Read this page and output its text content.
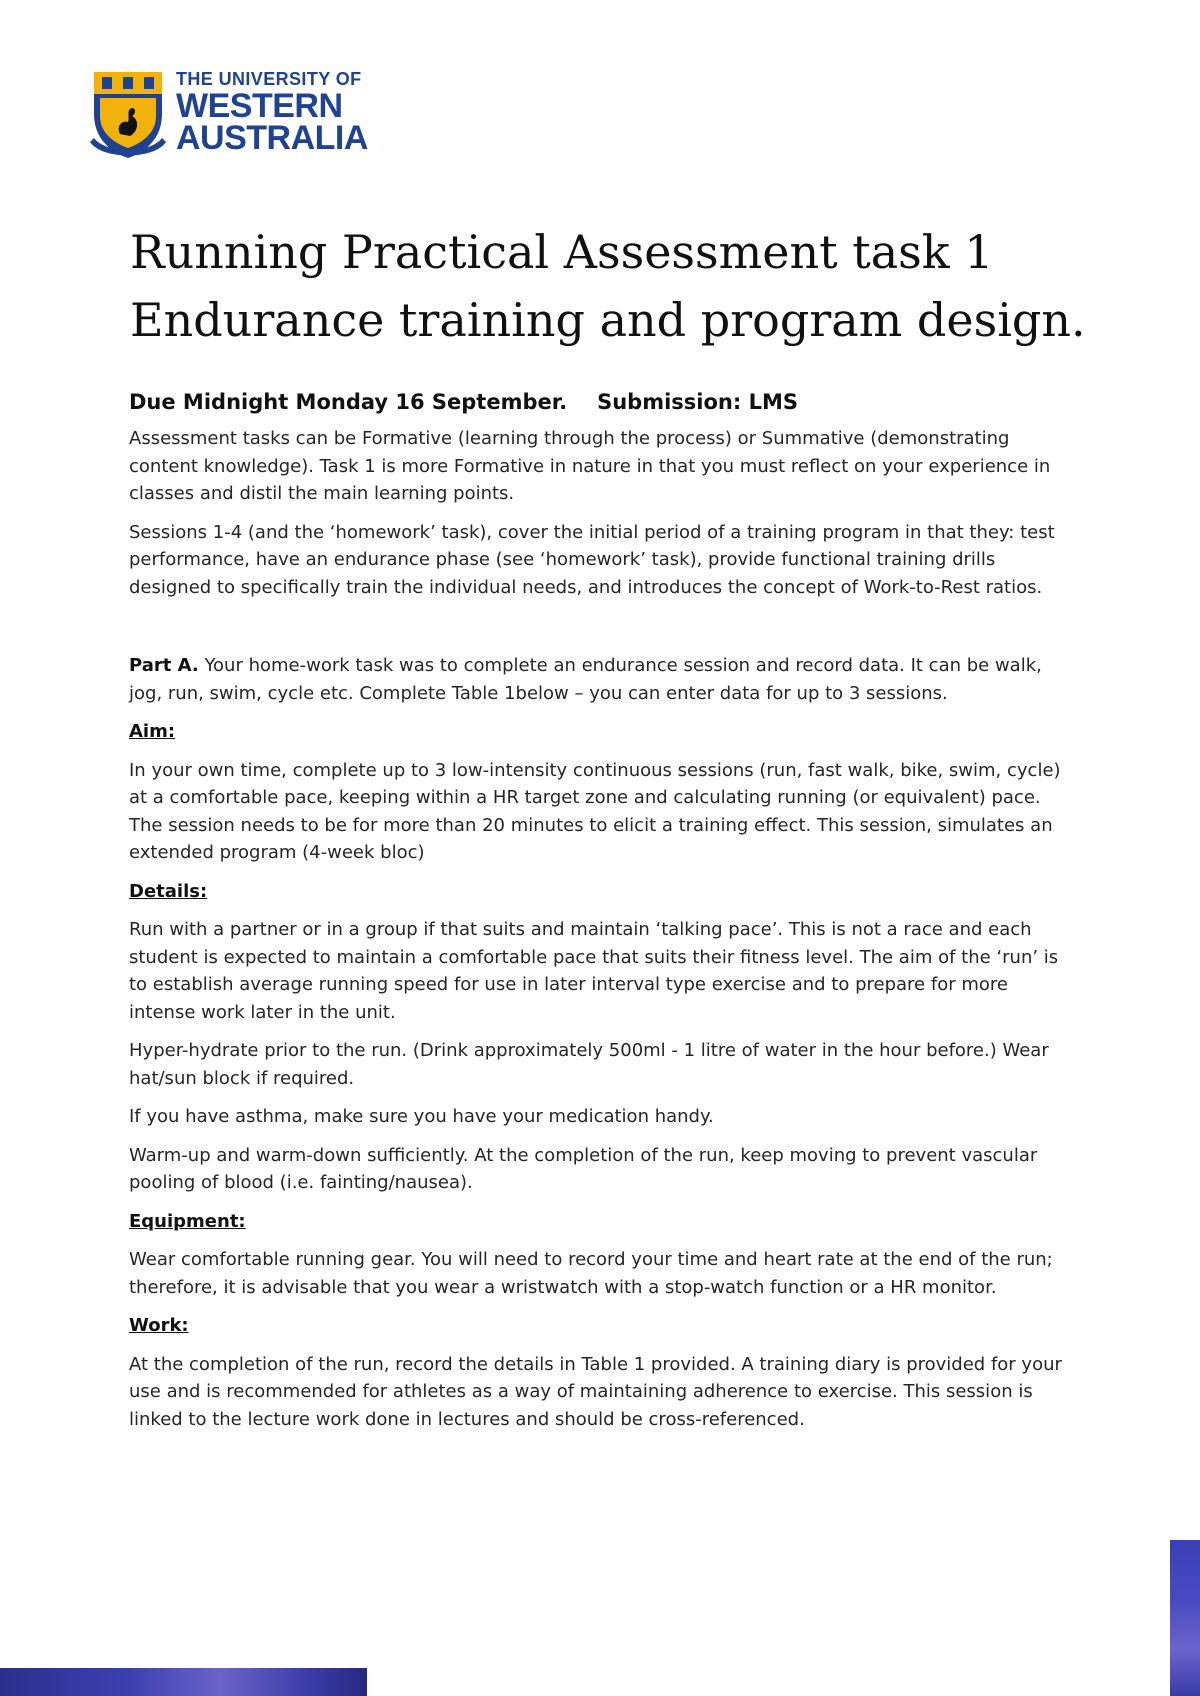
THE UNIVERSITY OF
WESTERN
AUSTRALIA
Running Practical Assessment task 1
Endurance training and program design.

Due Midnight Monday 16 September. Submission: LMS

Assessment tasks can be Formative (learning through the process) or Summative (demonstrating content knowledge). Task 1 is more Formative in nature in that you must reflect on your experience in classes and distil the main learning points.

Sessions 1-4 (and the ‘homework’ task), cover the initial period of a training program in that they: test performance, have an endurance phase (see ‘homework’ task), provide functional training drills designed to specifically train the individual needs, and introduces the concept of Work-to-Rest ratios.

Part A. Your home-work task was to complete an endurance session and record data. It can be walk, jog, run, swim, cycle etc. Complete Table 1below – you can enter data for up to 3 sessions.

Aim:

In your own time, complete up to 3 low-intensity continuous sessions (run, fast walk, bike, swim, cycle) at a comfortable pace, keeping within a HR target zone and calculating running (or equivalent) pace. The session needs to be for more than 20 minutes to elicit a training effect. This session, simulates an extended program (4-week bloc)

Details:

Run with a partner or in a group if that suits and maintain ‘talking pace’. This is not a race and each student is expected to maintain a comfortable pace that suits their fitness level. The aim of the ‘run’ is to establish average running speed for use in later interval type exercise and to prepare for more intense work later in the unit.

Hyper-hydrate prior to the run. (Drink approximately 500ml - 1 litre of water in the hour before.) Wear hat/sun block if required.

If you have asthma, make sure you have your medication handy.

Warm-up and warm-down sufficiently. At the completion of the run, keep moving to prevent vascular pooling of blood (i.e. fainting/nausea).

Equipment:

Wear comfortable running gear. You will need to record your time and heart rate at the end of the run; therefore, it is advisable that you wear a wristwatch with a stop-watch function or a HR monitor.

Work:

At the completion of the run, record the details in Table 1 provided. A training diary is provided for your use and is recommended for athletes as a way of maintaining adherence to exercise. This session is linked to the lecture work done in lectures and should be cross-referenced.
